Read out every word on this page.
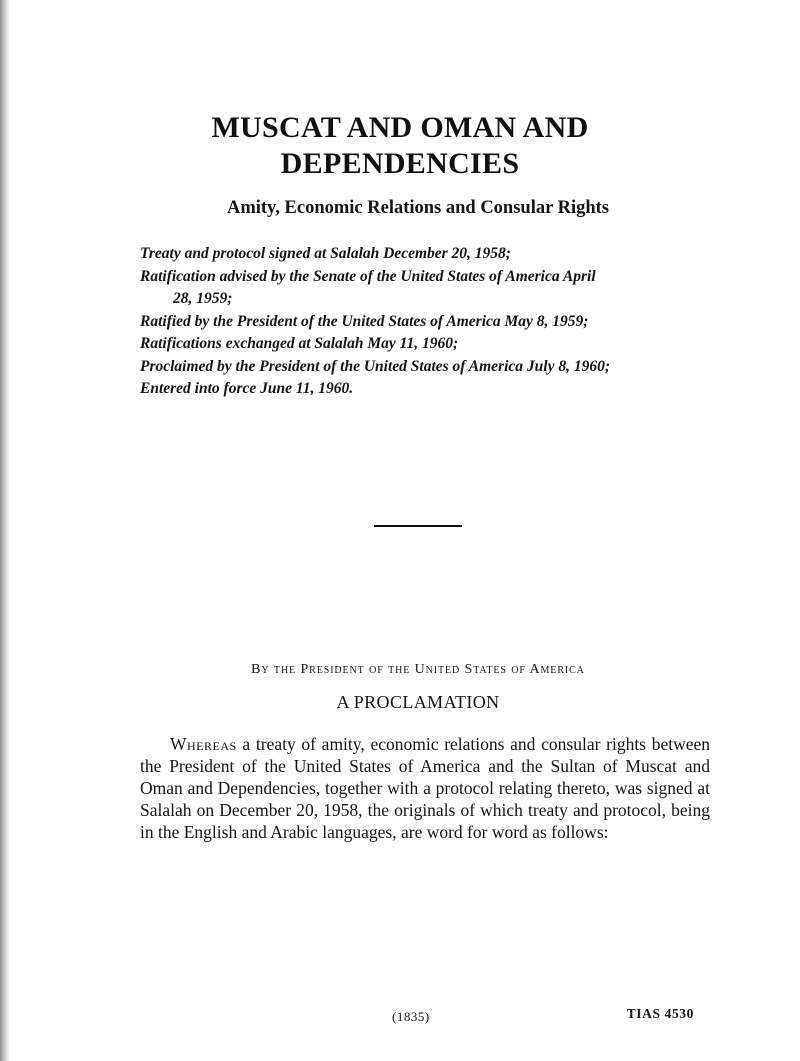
MUSCAT AND OMAN AND
DEPENDENCIES
Amity, Economic Relations and Consular Rights
Treaty and protocol signed at Salalah December 20, 1958;
Ratification advised by the Senate of the United States of America April
28, 1959;
Ratified by the President of the United States of America May 8, 1959;
Ratifications exchanged at Salalah May 11, 1960;
Proclaimed by the President of the United States of America July 8, 1960;
Entered into force June 11, 1960.
By the President of the United States of America
A PROCLAMATION
Whereas a treaty of amity, economic relations and consular rights between the President of the United States of America and the Sultan of Muscat and Oman and Dependencies, together with a protocol relating thereto, was signed at Salalah on December 20, 1958, the originals of which treaty and protocol, being in the English and Arabic languages, are word for word as follows:
(1835)	TIAS 4530
